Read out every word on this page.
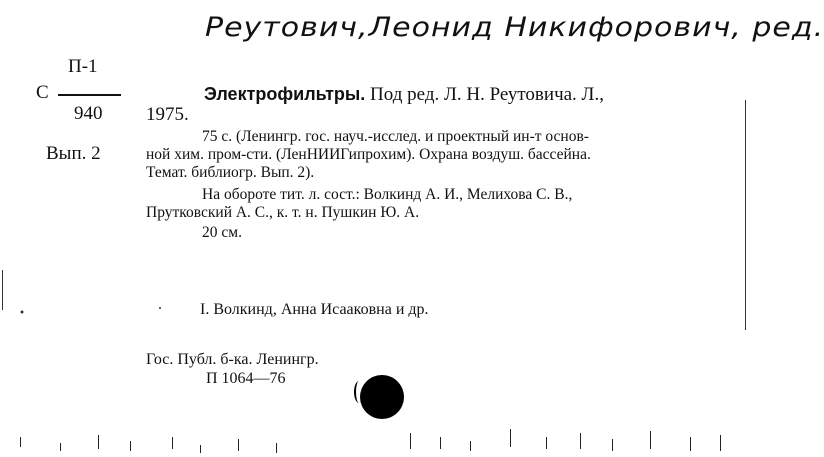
Реутович,Леонид Никифорович, ред.
П-1
С
940
Вып. 2
Электрофильтры. Под ред. Л. Н. Реутовича. Л.,
1975.
75 с. (Ленингр. гос. науч.-исслед. и проектный ин-т основ-
ной хим. пром-сти. (ЛенНИИГипрохим). Охрана воздуш. бассейна.
Темат. библиогр. Вып. 2).
На обороте тит. л. сост.: Волкинд А. И., Мелихова С. В.,
Прутковский А. С., к. т. н. Пушкин Ю. А.
20 см.
I. Волкинд, Анна Исааковна и др.
Гос. Публ. б-ка. Ленингр.
П 1064—76
